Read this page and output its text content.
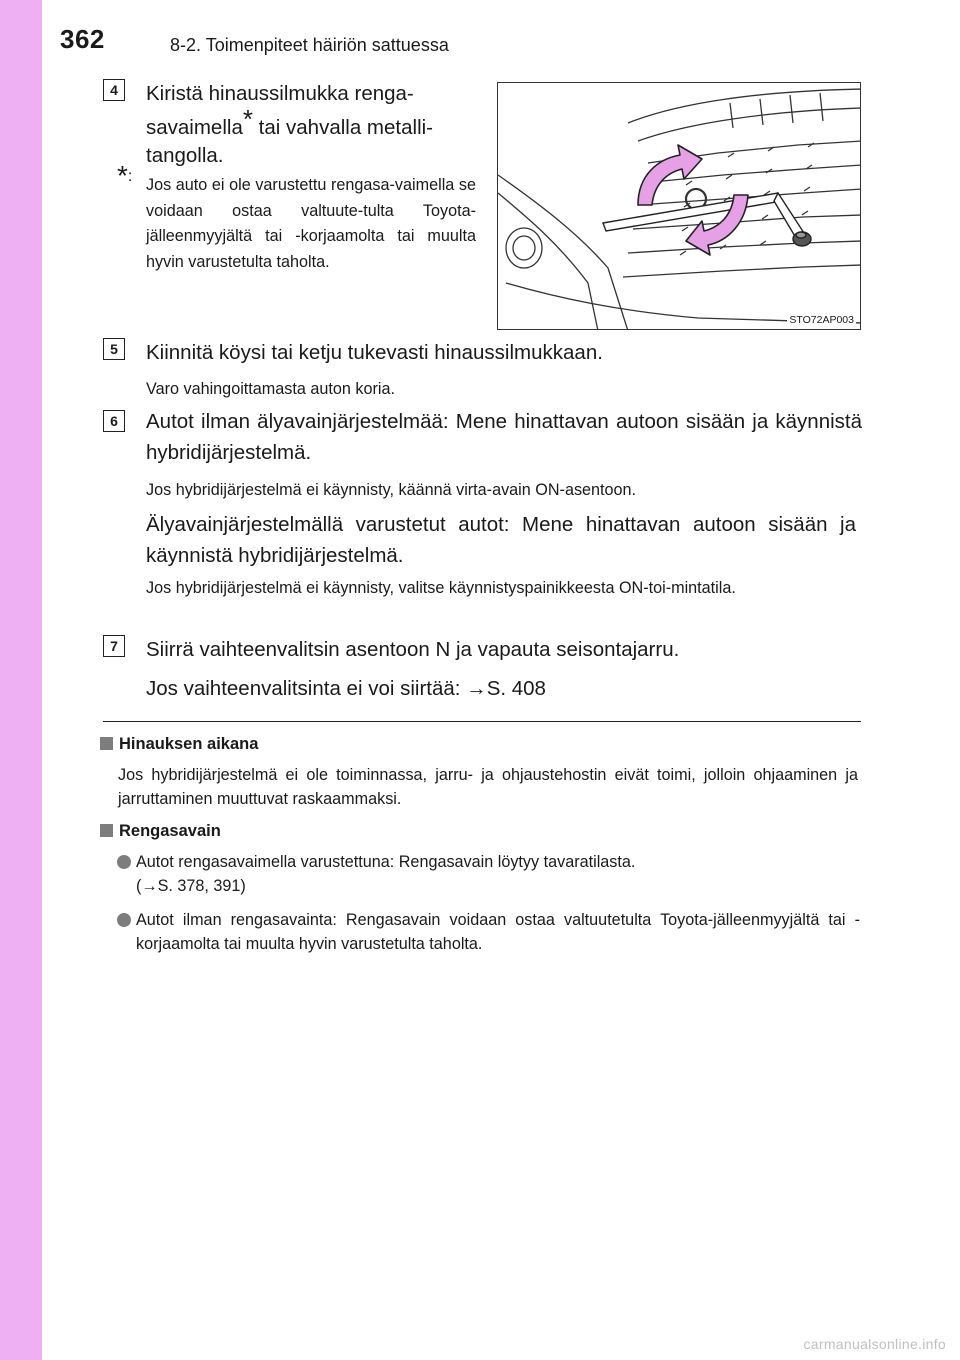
362	8-2. Toimenpiteet häiriön sattuessa
4	Kiristä hinaussilmukka renga-
savaimella* tai vahvalla metalli-
tangolla.
*: Jos auto ei ole varustettu rengasa-vaimella se voidaan ostaa valtuute-tulta Toyota-jälleenmyyjältä tai -korjaamolta tai muulta hyvin varustetulta taholta.
STO72AP003
5	Kiinnitä köysi tai ketju tukevasti hinaussilmukkaan.
Varo vahingoittamasta auton koria.
6	Autot ilman älyavainjärjestelmää: Mene hinattavan autoon sisään ja käynnistä hybridijärjestelmä.
Jos hybridijärjestelmä ei käynnisty, käännä virta-avain ON-asentoon.
Älyavainjärjestelmällä varustetut autot: Mene hinattavan autoon sisään ja käynnistä hybridijärjestelmä.
Jos hybridijärjestelmä ei käynnisty, valitse käynnistyspainikkeesta ON-toi-mintatila.
7	Siirrä vaihteenvalitsin asentoon N ja vapauta seisontajarru.
Jos vaihteenvalitsinta ei voi siirtää: →S. 408
Hinauksen aikana
Jos hybridijärjestelmä ei ole toiminnassa, jarru- ja ohjaustehostin eivät toimi, jolloin ohjaaminen ja jarruttaminen muuttuvat raskaammaksi.
Rengasavain
Autot rengasavaimella varustettuna: Rengasavain löytyy tavaratilasta.
(→S. 378, 391)
Autot ilman rengasavainta: Rengasavain voidaan ostaa valtuutetulta Toyota-jälleenmyyjältä tai -korjaamolta tai muulta hyvin varustetulta taholta.
carmanualsonline.info
